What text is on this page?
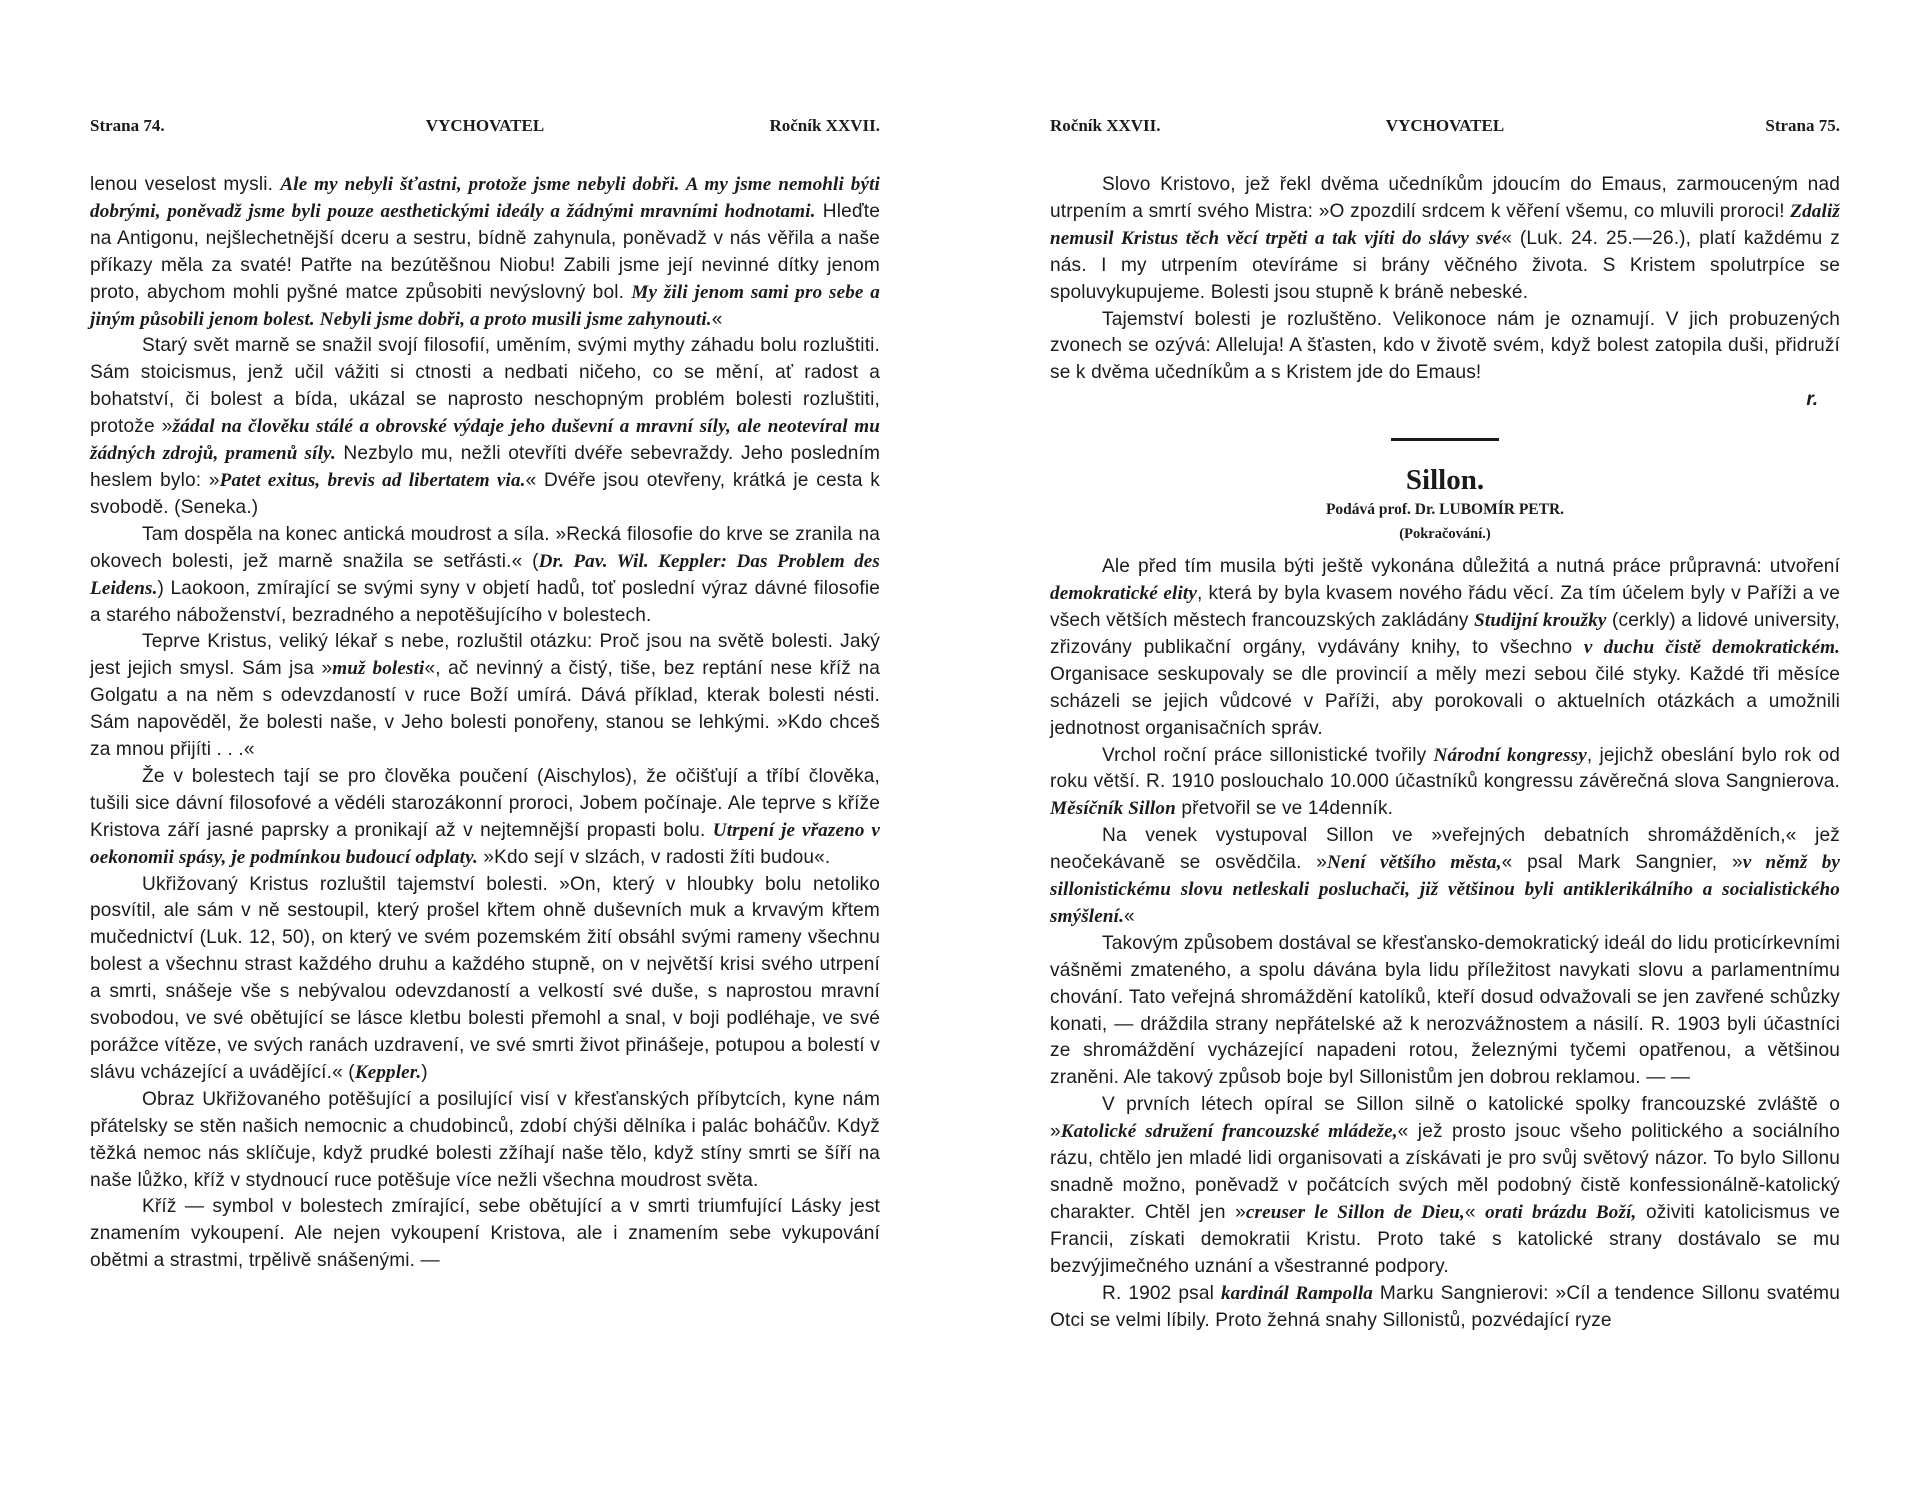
Strana 74.	VYCHOVATEL	Ročník XXVII.

lenou veselost mysli. Ale my nebyli šťastni, protože jsme nebyli dobři. A my jsme nemohli býti dobrými, poněvadž jsme byli pouze aesthetickými ideály a žádnými mravními hodnotami. Hleďte na Antigonu, nejšlechetnější dceru a sestru, bídně zahynula, poněvadž v nás věřila a naše příkazy měla za svaté! Patřte na bezútěšnou Niobu! Zabili jsme její nevinné dítky jenom proto, abychom mohli pyšné matce způsobiti nevýslovný bol. My žili jenom sami pro sebe a jiným působili jenom bolest. Nebyli jsme dobři, a proto musili jsme zahynouti.«

Starý svět marně se snažil svojí filosofií, uměním, svými mythy záhadu bolu rozluštiti. Sám stoicismus, jenž učil vážiti si ctnosti a nedbati ničeho, co se mění, ať radost a bohatství, či bolest a bída, ukázal se naprosto neschopným problém bolesti rozluštiti, protože »žádal na člověku stálé a obrovské výdaje jeho duševní a mravní síly, ale neotevíral mu žádných zdrojů, pramenů síly. Nezbylo mu, nežli otevříti dvéře sebevraždy. Jeho posledním heslem bylo: »Patet exitus, brevis ad libertatem via.« Dvéře jsou otevřeny, krátká je cesta k svobodě. (Seneka.)

Tam dospěla na konec antická moudrost a síla. »Recká filosofie do krve se zranila na okovech bolesti, jež marně snažila se setřásti.« (Dr. Pav. Wil. Keppler: Das Problem des Leidens.) Laokoon, zmírající se svými syny v objetí hadů, toť poslední výraz dávné filosofie a starého náboženství, bezradného a nepotěšujícího v bolestech.

Teprve Kristus, veliký lékař s nebe, rozluštil otázku: Proč jsou na světě bolesti. Jaký jest jejich smysl. Sám jsa »muž bolesti«, ač nevinný a čistý, tiše, bez reptání nese kříž na Golgatu a na něm s odevzdaností v ruce Boží umírá. Dává příklad, kterak bolesti nésti. Sám napověděl, že bolesti naše, v Jeho bolesti ponořeny, stanou se lehkými. »Kdo chceš za mnou přijíti . . .«

Že v bolestech tají se pro člověka poučení (Aischylos), že očišťují a tříbí člověka, tušili sice dávní filosofové a vědéli starozákonní proroci, Jobem počínaje. Ale teprve s kříže Kristova září jasné paprsky a pronikají až v nejtemnější propasti bolu. Utrpení je vřazeno v oekonomii spásy, je podmínkou budoucí odplaty. »Kdo sejí v slzách, v radosti žíti budou«.

Ukřižovaný Kristus rozluštil tajemství bolesti. »On, který v hloubky bolu netoliko posvítil, ale sám v ně sestoupil, který prošel křtem ohně duševních muk a krvavým křtem mučednictví (Luk. 12, 50), on který ve svém pozemském žití obsáhl svými rameny všechnu bolest a všechnu strast každého druhu a každého stupně, on v největší krisi svého utrpení a smrti, snášeje vše s nebývalou odevzdaností a velkostí své duše, s naprostou mravní svobodou, ve své obětující se lásce kletbu bolesti přemohl a snal, v boji podléhaje, ve své porážce vítěze, ve svých ranách uzdravení, ve své smrti život přinášeje, potupou a bolestí v slávu vcházející a uvádějící.« (Keppler.)

Obraz Ukřižovaného potěšující a posilující visí v křesťanských příbytcích, kyne nám přátelsky se stěn našich nemocnic a chudobinců, zdobí chýši dělníka i palác boháčův. Když těžká nemoc nás sklíčuje, když prudké bolesti zžíhají naše tělo, když stíny smrti se šíří na naše lůžko, kříž v stydnoucí ruce potěšuje více nežli všechna moudrost světa.

Kříž — symbol v bolestech zmírající, sebe obětující a v smrti triumfující Lásky jest znamením vykoupení. Ale nejen vykoupení Kristova, ale i znamením sebe vykupování obětmi a strastmi, trpělivě snášenými. —

Ročník XXVII.	VYCHOVATEL	Strana 75.

Slovo Kristovo, jež řekl dvěma učedníkům jdoucím do Emaus, zarmouceným nad utrpením a smrtí svého Mistra: »O zpozdilí srdcem k věření všemu, co mluvili proroci! Zdaliž nemusil Kristus těch věcí trpěti a tak vjíti do slávy své« (Luk. 24. 25.—26.), platí každému z nás. I my utrpením otevíráme si brány věčného života. S Kristem spolutrpíce se spoluvykupujeme. Bolesti jsou stupně k bráně nebeské.

Tajemství bolesti je rozluštěno. Velikonoce nám je oznamují. V jich probuzených zvonech se ozývá: Alleluja! A šťasten, kdo v životě svém, když bolest zatopila duši, přidruží se k dvěma učedníkům a s Kristem jde do Emaus!

r.

Sillon.

Podává prof. Dr. LUBOMÍR PETR.

(Pokračování.)

Ale před tím musila býti ještě vykonána důležitá a nutná práce průpravná: utvoření demokratické elity, která by byla kvasem nového řádu věcí. Za tím účelem byly v Paříži a ve všech větších městech francouzských zakládány Studijní kroužky (cerkly) a lidové university, zřizovány publikační orgány, vydávány knihy, to všechno v duchu čistě demokratickém. Organisace seskupovaly se dle provincií a měly mezi sebou čilé styky. Každé tři měsíce scházeli se jejich vůdcové v Paříži, aby porokovali o aktuelních otázkách a umožnili jednotnost organisačních správ.

Vrchol roční práce sillonistické tvořily Národní kongressy, jejichž obeslání bylo rok od roku větší. R. 1910 poslouchalo 10.000 účastníků kongressu závěrečná slova Sangnierova. Měsíčník Sillon přetvořil se ve 14denník.

Na venek vystupoval Sillon ve »veřejných debatních shromážděních,« jež neočekávaně se osvědčila. »Není většího města,« psal Mark Sangnier, »v němž by sillonistickému slovu netleskali posluchači, již většinou byli antiklerikálního a socialistického smýšlení.«

Takovým způsobem dostával se křesťansko-demokratický ideál do lidu proticírkevními vášněmi zmateného, a spolu dávána byla lidu příležitost navykati slovu a parlamentnímu chování. Tato veřejná shromáždění katolíků, kteří dosud odvažovali se jen zavřené schůzky konati, — dráždila strany nepřátelské až k nerozvážnostem a násilí. R. 1903 byli účastníci ze shromáždění vycházející napadeni rotou, železnými tyčemi opatřenou, a většinou zraněni. Ale takový způsob boje byl Sillonistům jen dobrou reklamou. — —

V prvních létech opíral se Sillon silně o katolické spolky francouzské zvláště o »Katolické sdružení francouzské mládeže,« jež prosto jsouc všeho politického a sociálního rázu, chtělo jen mladé lidi organisovati a získávati je pro svůj světový názor. To bylo Sillonu snadně možno, poněvadž v počátcích svých měl podobný čistě konfessionálně-katolický charakter. Chtěl jen »creuser le Sillon de Dieu,« orati brázdu Boží, oživiti katolicismus ve Francii, získati demokratii Kristu. Proto také s katolické strany dostávalo se mu bezvýjimečného uznání a všestranné podpory.

R. 1902 psal kardinál Rampolla Marku Sangnierovi: »Cíl a tendence Sillonu svatému Otci se velmi líbily. Proto žehná snahy Sillonistů, pozvédající ryze
